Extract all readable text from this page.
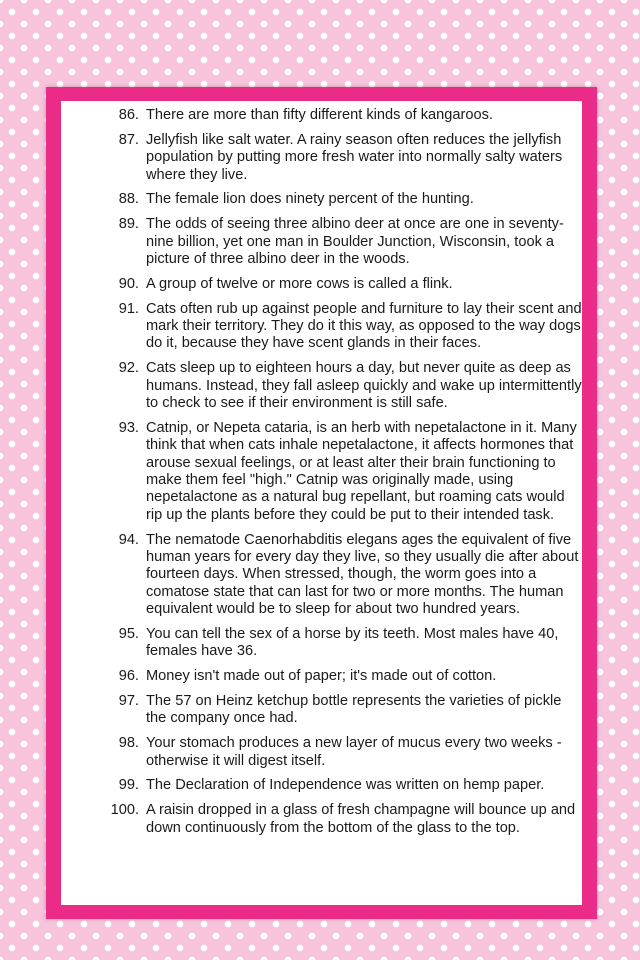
86. There are more than fifty different kinds of kangaroos.
87. Jellyfish like salt water. A rainy season often reduces the jellyfish population by putting more fresh water into normally salty waters where they live.
88. The female lion does ninety percent of the hunting.
89. The odds of seeing three albino deer at once are one in seventy-nine billion, yet one man in Boulder Junction, Wisconsin, took a picture of three albino deer in the woods.
90. A group of twelve or more cows is called a flink.
91. Cats often rub up against people and furniture to lay their scent and mark their territory. They do it this way, as opposed to the way dogs do it, because they have scent glands in their faces.
92. Cats sleep up to eighteen hours a day, but never quite as deep as humans. Instead, they fall asleep quickly and wake up intermittently to check to see if their environment is still safe.
93. Catnip, or Nepeta cataria, is an herb with nepetalactone in it. Many think that when cats inhale nepetalactone, it affects hormones that arouse sexual feelings, or at least alter their brain functioning to make them feel "high." Catnip was originally made, using nepetalactone as a natural bug repellant, but roaming cats would rip up the plants before they could be put to their intended task.
94. The nematode Caenorhabditis elegans ages the equivalent of five human years for every day they live, so they usually die after about fourteen days. When stressed, though, the worm goes into a comatose state that can last for two or more months. The human equivalent would be to sleep for about two hundred years.
95. You can tell the sex of a horse by its teeth. Most males have 40, females have 36.
96. Money isn't made out of paper; it's made out of cotton.
97. The 57 on Heinz ketchup bottle represents the varieties of pickle the company once had.
98. Your stomach produces a new layer of mucus every two weeks - otherwise it will digest itself.
99. The Declaration of Independence was written on hemp paper.
100. A raisin dropped in a glass of fresh champagne will bounce up and down continuously from the bottom of the glass to the top.
